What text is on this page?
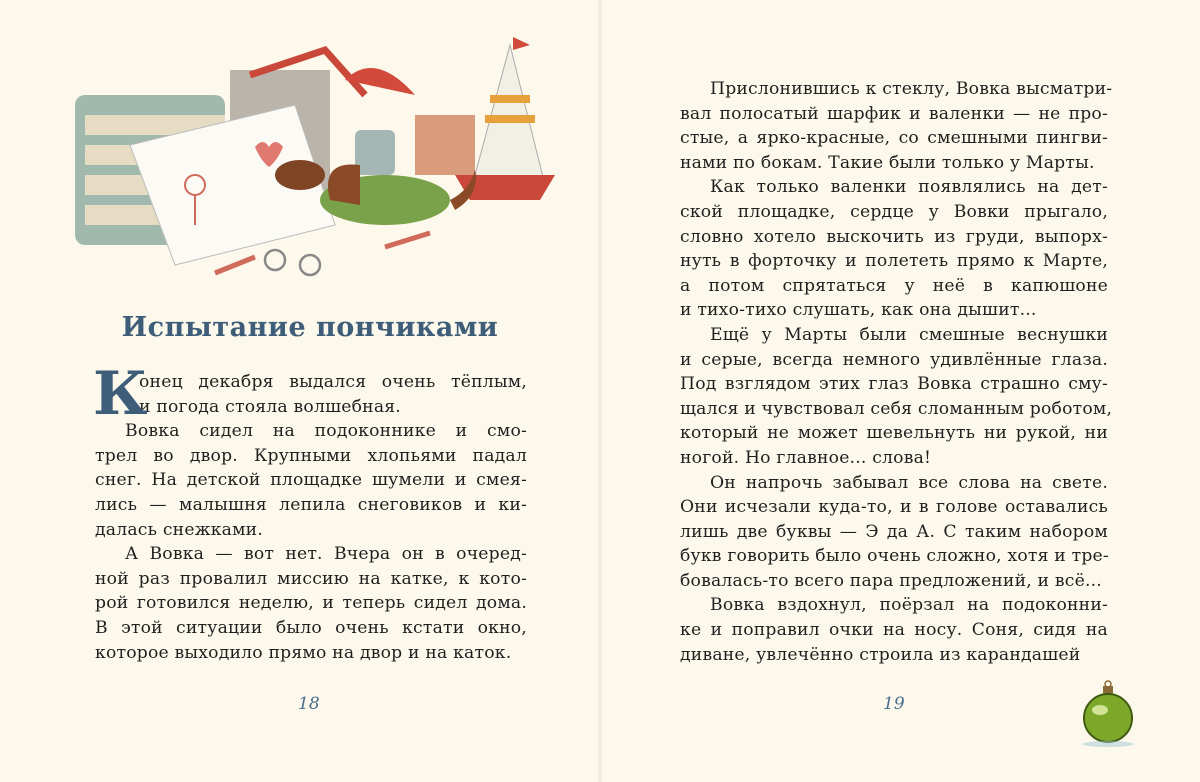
Испытание пончиками
онец декабря выдался очень тёплым,
и погода стояла волшебная.
К
Вовка сидел на подоконнике и смо-
трел во двор. Крупными хлопьями падал
снег. На детской площадке шумели и смея-
лись — малышня лепила снеговиков и ки-
далась снежками.
А Вовка — вот нет. Вчера он в очеред-
ной раз провалил миссию на катке, к кото-
рой готовился неделю, и теперь сидел дома.
В этой ситуации было очень кстати окно,
которое выходило прямо на двор и на каток.
18
Прислонившись к стеклу, Вовка высматри-
вал полосатый шарфик и валенки — не про-
стые, а ярко-красные, со смешными пингви-
нами по бокам. Такие были только у Марты.
Как только валенки появлялись на дет-
ской площадке, сердце у Вовки прыгало,
словно хотело выскочить из груди, выпорх-
нуть в форточку и полететь прямо к Марте,
а потом спрятаться у неё в капюшоне
и тихо-тихо слушать, как она дышит...
Ещё у Марты были смешные веснушки
и серые, всегда немного удивлённые глаза.
Под взглядом этих глаз Вовка страшно сму-
щался и чувствовал себя сломанным роботом,
который не может шевельнуть ни рукой, ни
ногой. Но главное... слова!
Он напрочь забывал все слова на свете.
Они исчезали куда-то, и в голове оставались
лишь две буквы — Э да А. С таким набором
букв говорить было очень сложно, хотя и тре-
бовалась-то всего пара предложений, и всё...
Вовка вздохнул, поёрзал на подоконни-
ке и поправил очки на носу. Соня, сидя на
диване, увлечённо строила из карандашей
19
